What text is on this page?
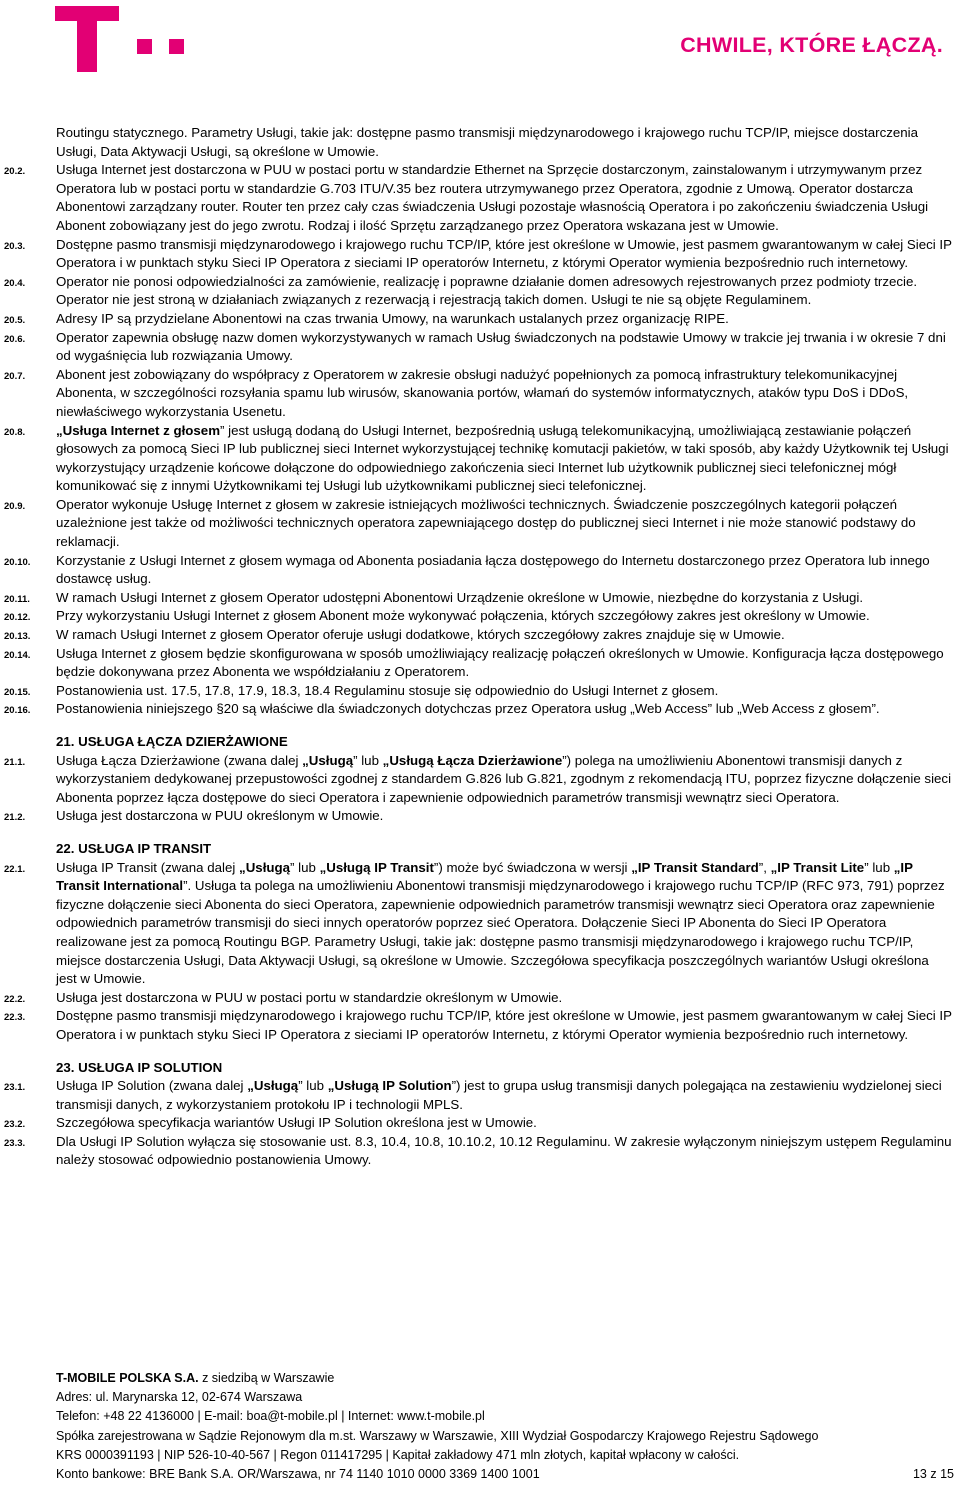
CHWILE, KTÓRE ŁĄCZĄ.
Routingu statycznego. Parametry Usługi, takie jak: dostępne pasmo transmisji międzynarodowego i krajowego ruchu TCP/IP, miejsce dostarczenia Usługi, Data Aktywacji Usługi, są określone w Umowie.
20.2. Usługa Internet jest dostarczona w PUU w postaci portu w standardzie Ethernet na Sprzęcie dostarczonym, zainstalowanym i utrzymywanym przez Operatora lub w postaci portu w standardzie G.703 ITU/V.35 bez routera utrzymywanego przez Operatora, zgodnie z Umową. Operator dostarcza Abonentowi zarządzany router. Router ten przez cały czas świadczenia Usługi pozostaje własnością Operatora i po zakończeniu świadczenia Usługi Abonent zobowiązany jest do jego zwrotu. Rodzaj i ilość Sprzętu zarządzanego przez Operatora wskazana jest w Umowie.
20.3. Dostępne pasmo transmisji międzynarodowego i krajowego ruchu TCP/IP, które jest określone w Umowie, jest pasmem gwarantowanym w całej Sieci IP Operatora i w punktach styku Sieci IP Operatora z sieciami IP operatorów Internetu, z którymi Operator wymienia bezpośrednio ruch internetowy.
20.4. Operator nie ponosi odpowiedzialności za zamówienie, realizację i poprawne działanie domen adresowych rejestrowanych przez podmioty trzecie. Operator nie jest stroną w działaniach związanych z rezerwacją i rejestracją takich domen. Usługi te nie są objęte Regulaminem.
20.5. Adresy IP są przydzielane Abonentowi na czas trwania Umowy, na warunkach ustalanych przez organizację RIPE.
20.6. Operator zapewnia obsługę nazw domen wykorzystywanych w ramach Usług świadczonych na podstawie Umowy w trakcie jej trwania i w okresie 7 dni od wygaśnięcia lub rozwiązania Umowy.
20.7. Abonent jest zobowiązany do współpracy z Operatorem w zakresie obsługi nadużyć popełnionych za pomocą infrastruktury telekomunikacyjnej Abonenta, w szczególności rozsyłania spamu lub wirusów, skanowania portów, włamań do systemów informatycznych, ataków typu DoS i DDoS, niewłaściwego wykorzystania Usenetu.
20.8. „Usługa Internet z głosem” jest usługą dodaną do Usługi Internet, bezpośrednią usługą telekomunikacyjną, umożliwiającą zestawianie połączeń głosowych za pomocą Sieci IP lub publicznej sieci Internet wykorzystującej technikę komutacji pakietów, w taki sposób, aby każdy Użytkownik tej Usługi wykorzystujący urządzenie końcowe dołączone do odpowiedniego zakończenia sieci Internet lub użytkownik publicznej sieci telefonicznej mógł komunikować się z innymi Użytkownikami tej Usługi lub użytkownikami publicznej sieci telefonicznej.
20.9. Operator wykonuje Usługę Internet z głosem w zakresie istniejących możliwości technicznych. Świadczenie poszczególnych kategorii połączeń uzależnione jest także od możliwości technicznych operatora zapewniającego dostęp do publicznej sieci Internet i nie może stanowić podstawy do reklamacji.
20.10. Korzystanie z Usługi Internet z głosem wymaga od Abonenta posiadania łącza dostępowego do Internetu dostarczonego przez Operatora lub innego dostawcę usług.
20.11. W ramach Usługi Internet z głosem Operator udostępni Abonentowi Urządzenie określone w Umowie, niezbędne do korzystania z Usługi.
20.12. Przy wykorzystaniu Usługi Internet z głosem Abonent może wykonywać połączenia, których szczegółowy zakres jest określony w Umowie.
20.13. W ramach Usługi Internet z głosem Operator oferuje usługi dodatkowe, których szczegółowy zakres znajduje się w Umowie.
20.14. Usługa Internet z głosem będzie skonfigurowana w sposób umożliwiający realizację połączeń określonych w Umowie. Konfiguracja łącza dostępowego będzie dokonywana przez Abonenta we współdziałaniu z Operatorem.
20.15. Postanowienia ust. 17.5, 17.8, 17.9, 18.3, 18.4 Regulaminu stosuje się odpowiednio do Usługi Internet z głosem.
20.16. Postanowienia niniejszego §20 są właściwe dla świadczonych dotychczas przez Operatora usług „Web Access” lub „Web Access z głosem”.
21. USŁUGA ŁĄCZA DZIERŻAWIONE
21.1. Usługa Łącza Dzierżawione (zwana dalej „Usługą” lub „Usługą Łącza Dzierżawione”) polega na umożliwieniu Abonentowi transmisji danych z wykorzystaniem dedykowanej przepustowości zgodnej z standardem G.826 lub G.821, zgodnym z rekomendacją ITU, poprzez fizyczne dołączenie sieci Abonenta poprzez łącza dostępowe do sieci Operatora i zapewnienie odpowiednich parametrów transmisji wewnątrz sieci Operatora.
21.2. Usługa jest dostarczona w PUU określonym w Umowie.
22. USŁUGA IP TRANSIT
22.1. Usługa IP Transit (zwana dalej „Usługą” lub „Usługą IP Transit”) może być świadczona w wersji „IP Transit Standard”, „IP Transit Lite” lub „IP Transit International”. Usługa ta polega na umożliwieniu Abonentowi transmisji międzynarodowego i krajowego ruchu TCP/IP (RFC 973, 791) poprzez fizyczne dołączenie sieci Abonenta do sieci Operatora, zapewnienie odpowiednich parametrów transmisji wewnątrz sieci Operatora oraz zapewnienie odpowiednich parametrów transmisji do sieci innych operatorów poprzez sieć Operatora. Dołączenie Sieci IP Abonenta do Sieci IP Operatora realizowane jest za pomocą Routingu BGP. Parametry Usługi, takie jak: dostępne pasmo transmisji międzynarodowego i krajowego ruchu TCP/IP, miejsce dostarczenia Usługi, Data Aktywacji Usługi, są określone w Umowie. Szczegółowa specyfikacja poszczególnych wariantów Usługi określona jest w Umowie.
22.2. Usługa jest dostarczona w PUU w postaci portu w standardzie określonym w Umowie.
22.3. Dostępne pasmo transmisji międzynarodowego i krajowego ruchu TCP/IP, które jest określone w Umowie, jest pasmem gwarantowanym w całej Sieci IP Operatora i w punktach styku Sieci IP Operatora z sieciami IP operatorów Internetu, z którymi Operator wymienia bezpośrednio ruch internetowy.
23. USŁUGA IP SOLUTION
23.1. Usługa IP Solution (zwana dalej „Usługą” lub „Usługą IP Solution”) jest to grupa usług transmisji danych polegająca na zestawieniu wydzielonej sieci transmisji danych, z wykorzystaniem protokołu IP i technologii MPLS.
23.2. Szczegółowa specyfikacja wariantów Usługi IP Solution określona jest w Umowie.
23.3. Dla Usługi IP Solution wyłącza się stosowanie ust. 8.3, 10.4, 10.8, 10.10.2, 10.12 Regulaminu. W zakresie wyłączonym niniejszym ustępem Regulaminu należy stosować odpowiednio postanowienia Umowy.
T-MOBILE POLSKA S.A. z siedzibą w Warszawie
Adres: ul. Marynarska 12, 02-674 Warszawa
Telefon: +48 22 4136000 | E-mail: boa@t-mobile.pl | Internet: www.t-mobile.pl
Spółka zarejestrowana w Sądzie Rejonowym dla m.st. Warszawy w Warszawie, XIII Wydział Gospodarczy Krajowego Rejestru Sądowego
KRS 0000391193 | NIP 526-10-40-567 | Regon 011417295 | Kapitał zakładowy 471 mln złotych, kapitał wpłacony w całości.
Konto bankowe: BRE Bank S.A. OR/Warszawa, nr 74 1140 1010 0000 3369 1400 1001	13 z 15
